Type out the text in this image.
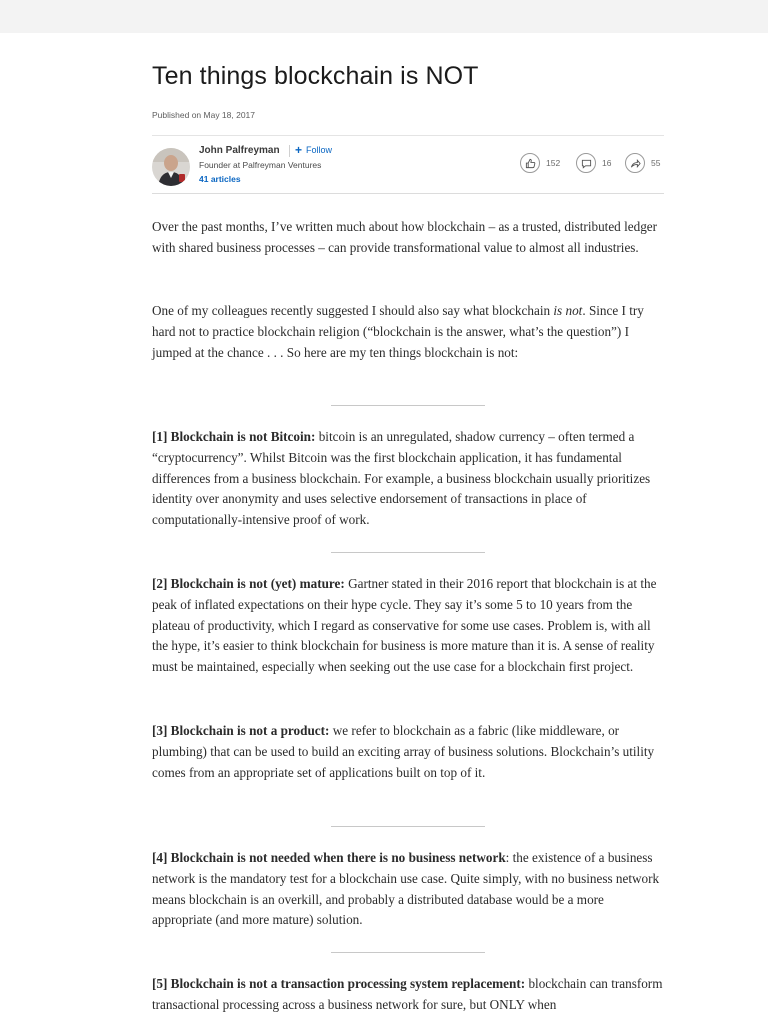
Ten things blockchain is NOT
Published on May 18, 2017
John Palfreyman + Follow
Founder at Palfreyman Ventures
41 articles
152	16	55

Over the past months, I’ve written much about how blockchain – as a trusted, distributed ledger with shared business processes – can provide transformational value to almost all industries.

One of my colleagues recently suggested I should also say what blockchain is not. Since I try hard not to practice blockchain religion (“blockchain is the answer, what’s the question”) I jumped at the chance . . . So here are my ten things blockchain is not:

[1] Blockchain is not Bitcoin: bitcoin is an unregulated, shadow currency – often termed a “cryptocurrency”. Whilst Bitcoin was the first blockchain application, it has fundamental differences from a business blockchain. For example, a business blockchain usually prioritizes identity over anonymity and uses selective endorsement of transactions in place of computationally-intensive proof of work.

[2] Blockchain is not (yet) mature: Gartner stated in their 2016 report that blockchain is at the peak of inflated expectations on their hype cycle. They say it’s some 5 to 10 years from the plateau of productivity, which I regard as conservative for some use cases. Problem is, with all the hype, it’s easier to think blockchain for business is more mature than it is. A sense of reality must be maintained, especially when seeking out the use case for a blockchain first project.

[3] Blockchain is not a product: we refer to blockchain as a fabric (like middleware, or plumbing) that can be used to build an exciting array of business solutions. Blockchain’s utility comes from an appropriate set of applications built on top of it.

[4] Blockchain is not needed when there is no business network: the existence of a business network is the mandatory test for a blockchain use case. Quite simply, with no business network means blockchain is an overkill, and probably a distributed database would be a more appropriate (and more mature) solution.

[5] Blockchain is not a transaction processing system replacement: blockchain can transform transactional processing across a business network for sure, but ONLY when
